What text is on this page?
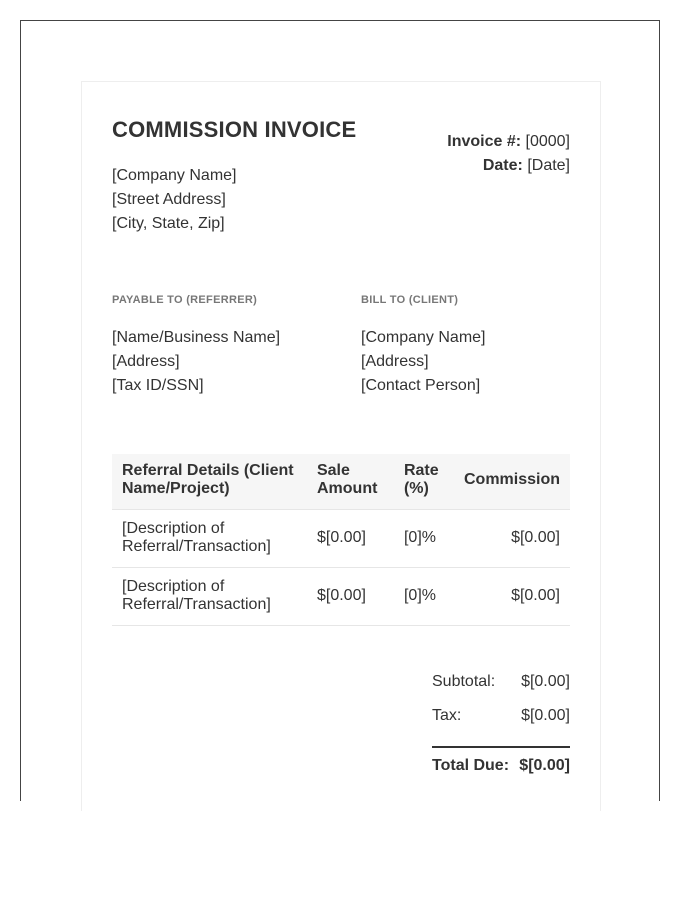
COMMISSION INVOICE	Invoice #: [0000]
Date: [Date]
[Company Name]
[Street Address]
[City, State, Zip]
PAYABLE TO (REFERRER)	BILL TO (CLIENT)
[Name/Business Name]
[Address]
[Tax ID/SSN]
[Company Name]
[Address]
[Contact Person]
Referral Details (Client Name/Project)	Sale Amount	Rate (%)	Commission
[Description of Referral/Transaction]	$[0.00]	[0]%	$[0.00]
[Description of Referral/Transaction]	$[0.00]	[0]%	$[0.00]
Subtotal: $[0.00]
Tax:	$[0.00]
Total Due: $[0.00]
